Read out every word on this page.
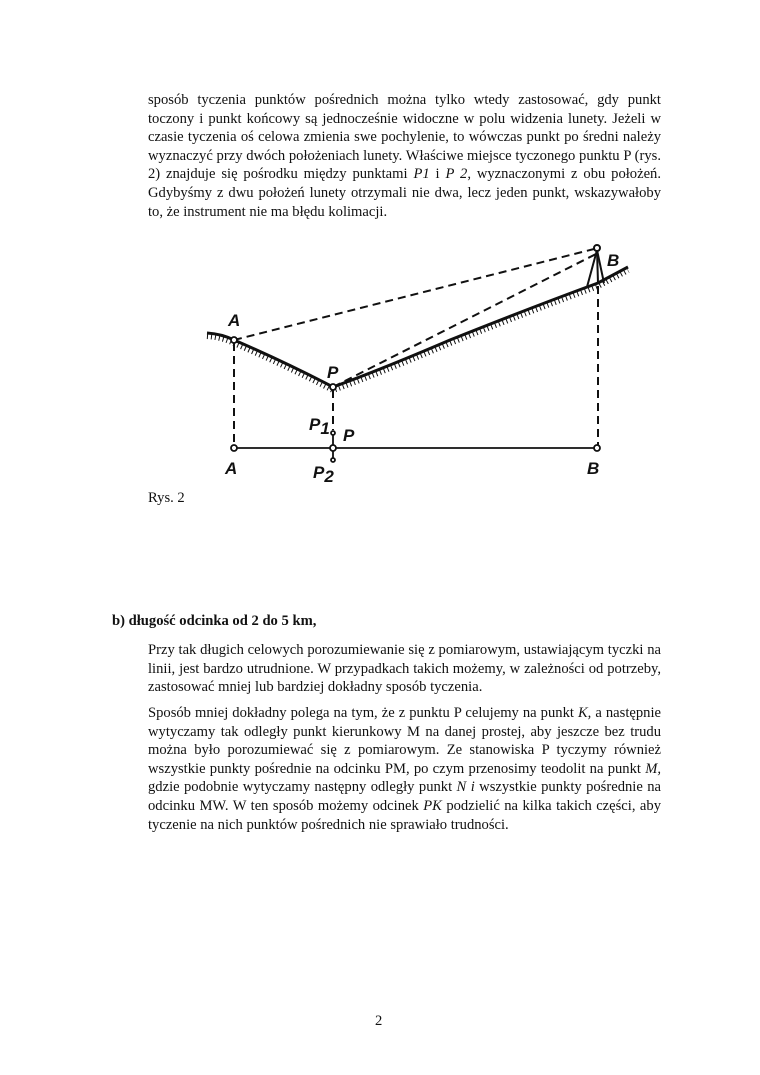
sposób tyczenia punktów pośrednich można tylko wtedy zastosować, gdy punkt toczony i punkt końcowy są jednocześnie widoczne w polu widzenia lunety. Jeżeli w czasie tyczenia oś celowa zmienia swe pochylenie, to wówczas punkt po średni należy wyznaczyć przy dwóch położeniach lunety. Właściwe miejsce tyczonego punktu P (rys. 2) znajduje się pośrodku między punktami P1 i P 2, wyznaczonymi z obu położeń. Gdybyśmy z dwu położeń lunety otrzymali nie dwa, lecz jeden punkt, wskazywałoby to, że instrument nie ma błędu kolimacji.
A
P
B
P1 P
A	P2	B
Rys. 2
b) długość odcinka od 2 do 5 km,
Przy tak długich celowych porozumiewanie się z pomiarowym, ustawiającym tyczki na linii, jest bardzo utrudnione. W przypadkach takich możemy, w zależności od potrzeby, zastosować mniej lub bardziej dokładny sposób tyczenia.
Sposób mniej dokładny polega na tym, że z punktu P celujemy na punkt K, a następnie wytyczamy tak odległy punkt kierunkowy M na danej prostej, aby jeszcze bez trudu można było porozumiewać się z pomiarowym. Ze stanowiska P tyczymy również wszystkie punkty pośrednie na odcinku PM, po czym przenosimy teodolit na punkt M, gdzie podobnie wytyczamy następny odległy punkt N i wszystkie punkty pośrednie na odcinku MW. W ten sposób możemy odcinek PK podzielić na kilka takich części, aby tyczenie na nich punktów pośrednich nie sprawiało trudności.
2
